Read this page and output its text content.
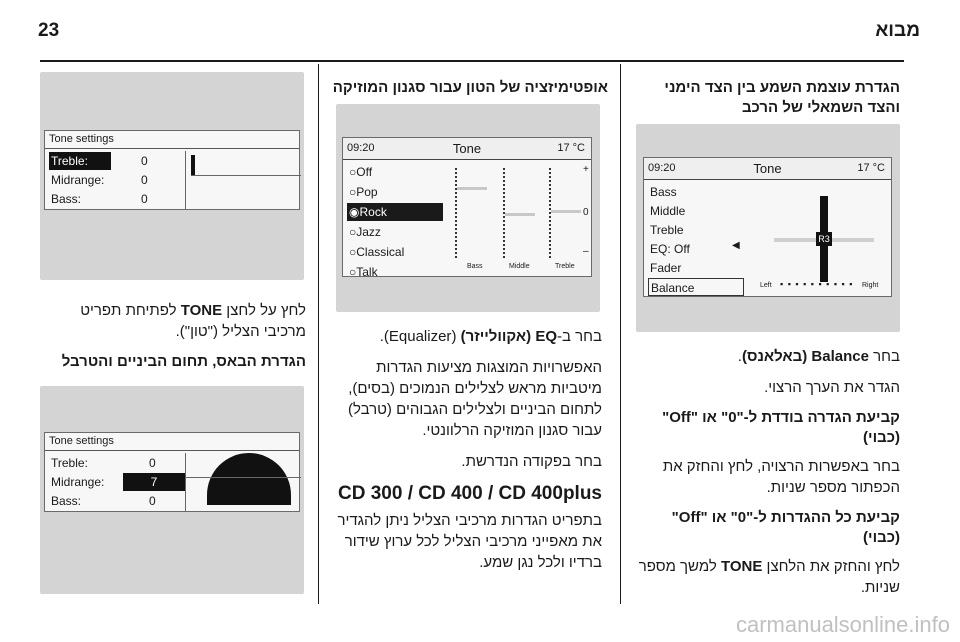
מבוא
23
הגדרת עוצמת השמע בין הצד הימני והצד השמאלי של הרכב
09:20	Tone	17 °C
Bass
Middle
Treble
EQ: Off	◀
Fader
Balance
R3
Left ▪ ▪ ▪ ▪ ▪ ▪ ▪ ▪ ▪ ▪ Right

בחר Balance (באלאנס).

הגדר את הערך הרצוי.

קביעת הגדרה בודדת ל-"0" או "Off" (כבוי)

בחר באפשרות הרצויה, לחץ והחזק את הכפתור מספר שניות.

קביעת כל ההגדרות ל-"0" או "Off" (כבוי)

לחץ והחזק את הלחצן TONE למשך מספר שניות.

אופטימיזציה של הטון עבור סגנון המוזיקה
09:20	Tone	17 °C
○Off
○Pop
◉Rock
○Jazz
○Classical
○Talk
+
0
–
Bass	Middle	Treble

בחר ב-EQ (אקוולייזר) (Equalizer).

האפשרויות המוצגות מציעות הגדרות מיטביות מראש לצלילים הנמוכים (בסים), לתחום הביניים ולצלילים הגבוהים (טרבל) עבור סגנון המוזיקה הרלוונטי.

בחר בפקודה הנדרשת.

CD 300 / CD 400 / CD 400plus

בתפריט הגדרות מרכיבי הצליל ניתן להגדיר את מאפייני מרכיבי הצליל לכל ערוץ שידור ברדיו ולכל נגן שמע.

Tone settings
Treble:	0
Midrange:	0
Bass:	0

לחץ על לחצן TONE לפתיחת תפריט מרכיבי הצליל ("טון").

הגדרת הבאס, תחום הביניים והטרבל
Tone settings
Treble:	0
Midrange:	7
Bass:	0
carmanualsonline.info
